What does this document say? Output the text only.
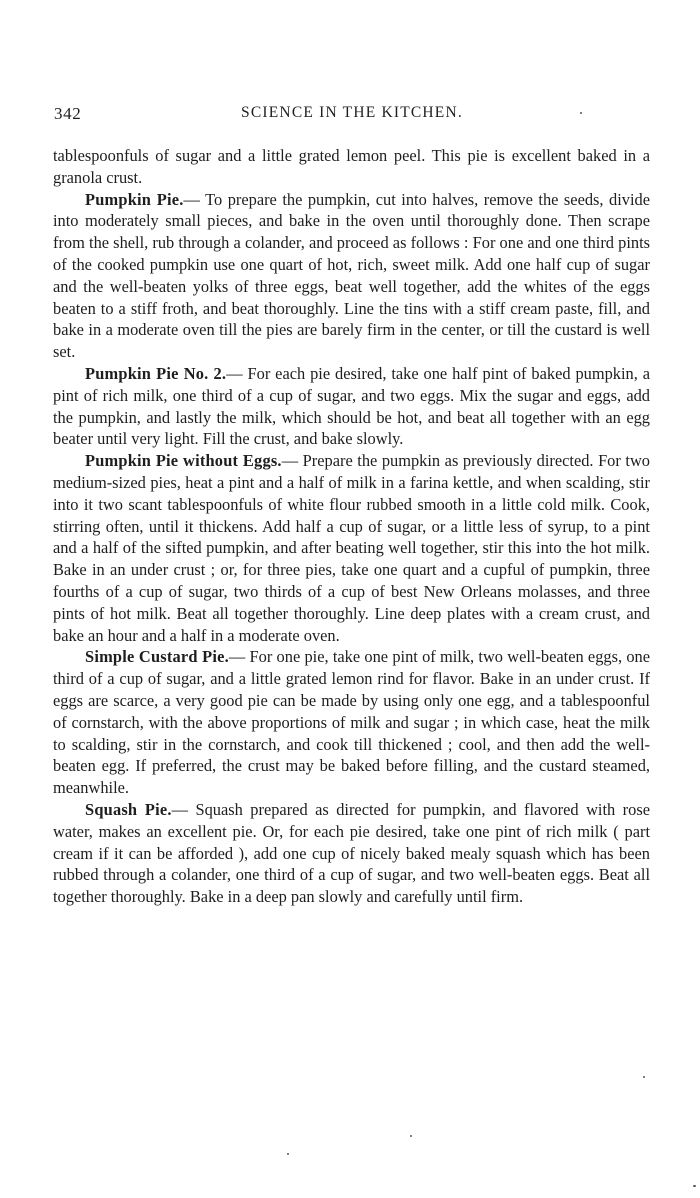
342	SCIENCE IN THE KITCHEN.

tablespoonfuls of sugar and a little grated lemon peel. This pie is excellent baked in a granola crust.

Pumpkin Pie.— To prepare the pumpkin, cut into halves, remove the seeds, divide into moderately small pieces, and bake in the oven until thoroughly done. Then scrape from the shell, rub through a colander, and proceed as follows : For one and one third pints of the cooked pumpkin use one quart of hot, rich, sweet milk. Add one half cup of sugar and the well-beaten yolks of three eggs, beat well together, add the whites of the eggs beaten to a stiff froth, and beat thoroughly. Line the tins with a stiff cream paste, fill, and bake in a moderate oven till the pies are barely firm in the center, or till the custard is well set.

Pumpkin Pie No. 2.— For each pie desired, take one half pint of baked pumpkin, a pint of rich milk, one third of a cup of sugar, and two eggs. Mix the sugar and eggs, add the pumpkin, and lastly the milk, which should be hot, and beat all together with an egg beater until very light. Fill the crust, and bake slowly.

Pumpkin Pie without Eggs.— Prepare the pumpkin as previously directed. For two medium-sized pies, heat a pint and a half of milk in a farina kettle, and when scalding, stir into it two scant tablespoonfuls of white flour rubbed smooth in a little cold milk. Cook, stirring often, until it thickens. Add half a cup of sugar, or a little less of syrup, to a pint and a half of the sifted pumpkin, and after beating well together, stir this into the hot milk. Bake in an under crust ; or, for three pies, take one quart and a cupful of pumpkin, three fourths of a cup of sugar, two thirds of a cup of best New Orleans molasses, and three pints of hot milk. Beat all together thoroughly. Line deep plates with a cream crust, and bake an hour and a half in a moderate oven.

Simple Custard Pie.— For one pie, take one pint of milk, two well-beaten eggs, one third of a cup of sugar, and a little grated lemon rind for flavor. Bake in an under crust. If eggs are scarce, a very good pie can be made by using only one egg, and a tablespoonful of cornstarch, with the above proportions of milk and sugar ; in which case, heat the milk to scalding, stir in the cornstarch, and cook till thickened ; cool, and then add the well-beaten egg. If preferred, the crust may be baked before filling, and the custard steamed, meanwhile.

Squash Pie.— Squash prepared as directed for pumpkin, and flavored with rose water, makes an excellent pie. Or, for each pie desired, take one pint of rich milk ( part cream if it can be afforded ), add one cup of nicely baked mealy squash which has been rubbed through a colander, one third of a cup of sugar, and two well-beaten eggs. Beat all together thoroughly. Bake in a deep pan slowly and carefully until firm.
